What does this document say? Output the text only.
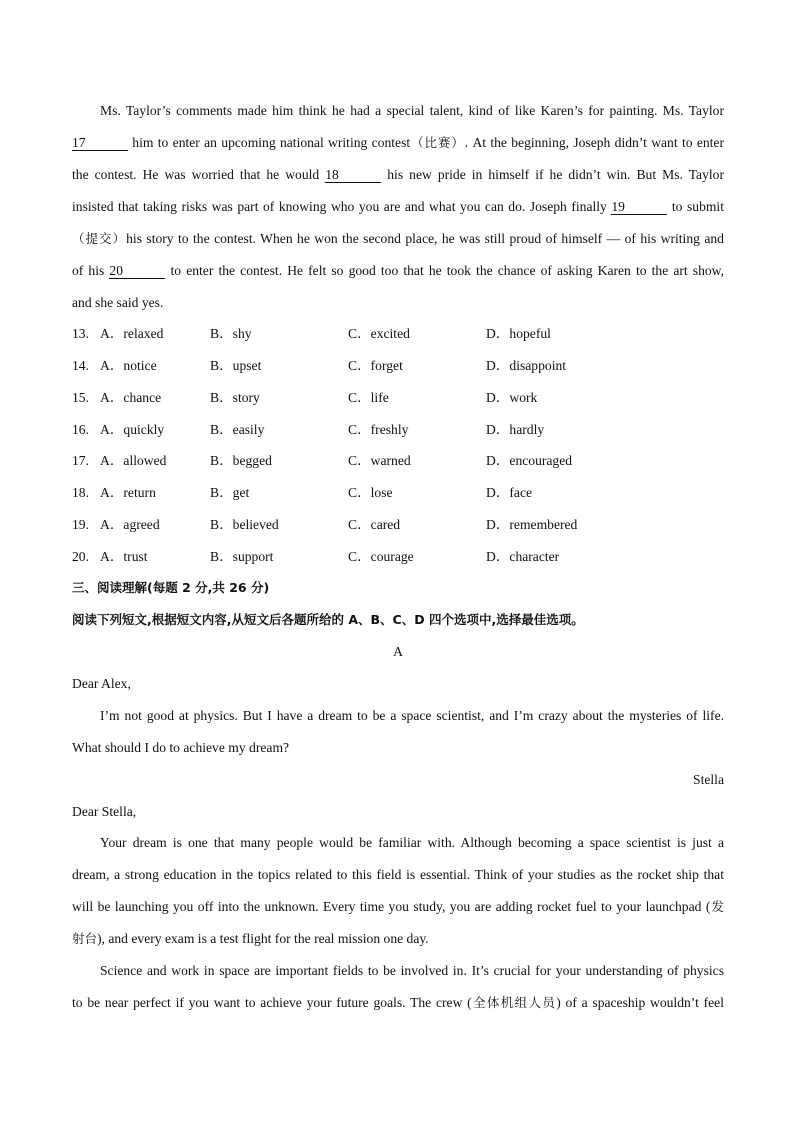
Ms. Taylor’s comments made him think he had a special talent, kind of like Karen’s for painting. Ms. Taylor
17	him to enter an upcoming national writing contest（比赛）. At the beginning, Joseph didn’t want to enter
the contest. He was worried that he would 18	his new pride in himself if he didn’t win. But Ms. Taylor
insisted that taking risks was part of knowing who you are and what you can do. Joseph finally 19	to submit
（提交）his story to the contest. When he won the second place, he was still proud of himself — of his writing and
of his 20	to enter the contest. He felt so good too that he took the chance of asking Karen to the art show,
and she said yes.
13. A．relaxed	B．shy	C．excited	D．hopeful
14. A．notice	B．upset	C．forget	D．disappoint
15. A．chance	B．story	C．life	D．work
16. A．quickly	B．easily	C．freshly	D．hardly
17. A．allowed	B．begged	C．warned	D．encouraged
18. A．return	B．get	C．lose	D．face
19. A．agreed	B．believed	C．cared	D．remembered
20. A．trust	B．support	C．courage	D．character
三、阅读理解(每题 2 分,共 26 分)
阅读下列短文,根据短文内容,从短文后各题所给的 A、B、C、D 四个选项中,选择最佳选项。
A
Dear Alex,
I’m not good at physics. But I have a dream to be a space scientist, and I’m crazy about the mysteries of life.
What should I do to achieve my dream?
Stella
Dear Stella,
Your dream is one that many people would be familiar with. Although becoming a space scientist is just a
dream, a strong education in the topics related to this field is essential. Think of your studies as the rocket ship that
will be launching you off into the unknown. Every time you study, you are adding rocket fuel to your launchpad (发
射台), and every exam is a test flight for the real mission one day.
Science and work in space are important fields to be involved in. It’s crucial for your understanding of physics
to be near perfect if you want to achieve your future goals. The crew (全体机组人员) of a spaceship wouldn’t feel
